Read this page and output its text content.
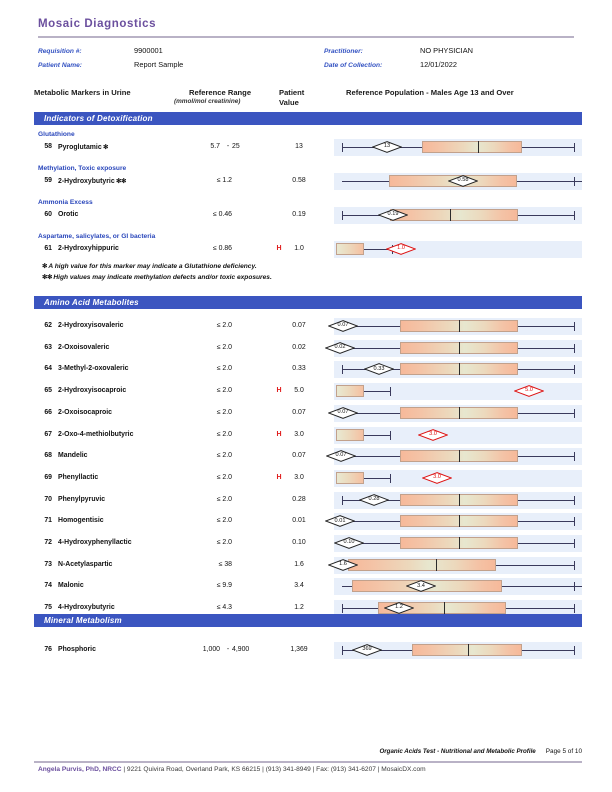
Mosaic Diagnostics
Requisition #:	9900001	Practitioner:	NO PHYSICIAN
Patient Name:	Report Sample	Date of Collection:	12/01/2022
Metabolic Markers in Urine	Reference Range
(mmol/mol creatinine)
Patient
Value
Reference Population - Males Age 13 and Over
Indicators of Detoxification
Glutathione
58 Pyroglutamic ✻	5.7 - 25	13	13
Methylation, Toxic exposure
59 2-Hydroxybutyric ✻✻	≤ 1.2	0.58	0.58
Ammonia Excess
60 Orotic	≤ 0.46	0.19	0.19
Aspartame, salicylates, or GI bacteria
61 2-Hydroxyhippuric	≤ 0.86	H	1.0	1.0
Amino Acid Metabolites
62 2-Hydroxyisovaleric	≤ 2.0	0.07	0.07
63 2-Oxoisovaleric	≤ 2.0	0.02	0.02
64 3-Methyl-2-oxovaleric	≤ 2.0	0.33	0.33
65 2-Hydroxyisocaproic	≤ 2.0	H	5.0	5.0
66 2-Oxoisocaproic	≤ 2.0	0.07	0.07
67 2-Oxo-4-methiolbutyric	≤ 2.0	H	3.0	3.0
68 Mandelic	≤ 2.0	0.07	0.07
69 Phenyllactic	≤ 2.0	H	3.0	3.0
70 Phenylpyruvic	≤ 2.0	0.28	0.28
71 Homogentisic	≤ 2.0	0.01	0.01
72 4-Hydroxyphenyllactic	≤ 2.0	0.10	0.10
73 N-Acetylaspartic	≤ 38	1.6	1.6
74 Malonic	≤ 9.9	3.4	3.4
75 4-Hydroxybutyric	≤ 4.3	1.2	1.2
Mineral Metabolism
76 Phosphoric	1,000 - 4,900	1,369	369
✻ A high value for this marker may indicate a Glutathione deficiency.
✻✻ High values may indicate methylation defects and/or toxic exposures.
Organic Acids Test - Nutritional and Metabolic Profile Page 5 of 10
Angela Purvis, PhD, NRCC | 9221 Quivira Road, Overland Park, KS 66215 | (913) 341-8949 | Fax: (913) 341-6207 | MosaicDX.com
